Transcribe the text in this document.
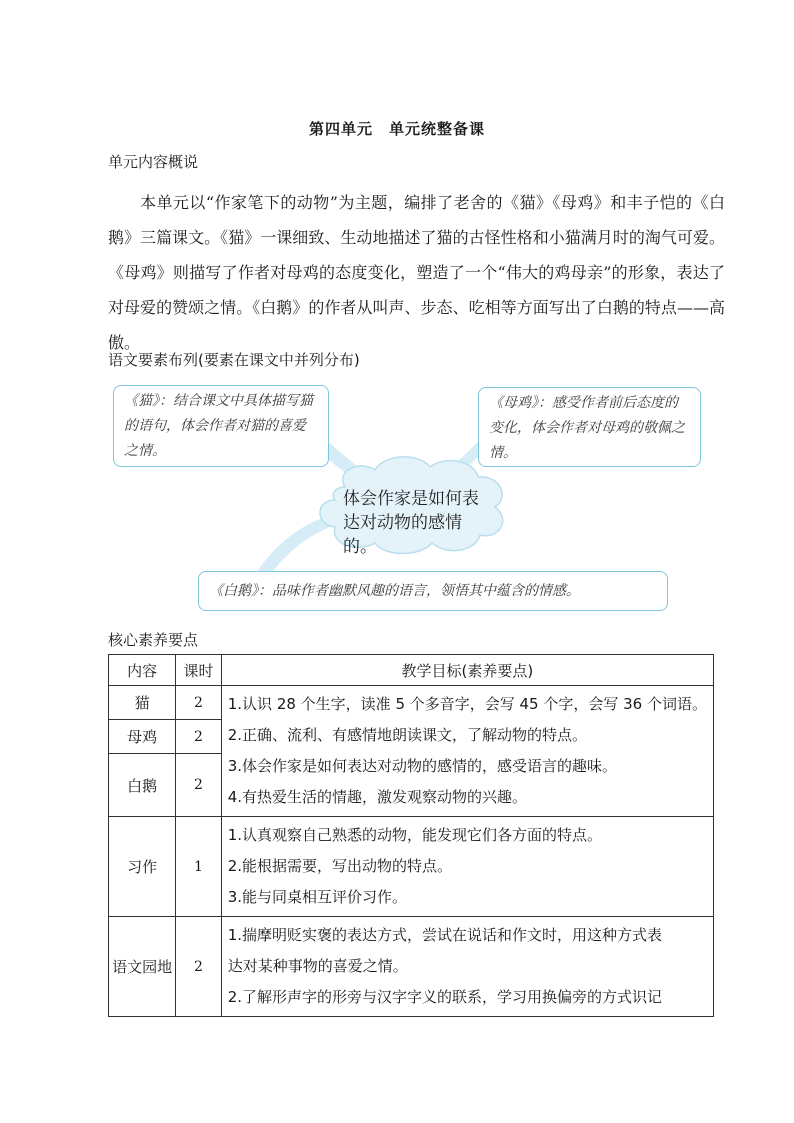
第四单元　单元统整备课
单元内容概说

本单元以“作家笔下的动物”为主题，编排了老舍的《猫》《母鸡》和丰子恺的《白鹅》三篇课文。《猫》一课细致、生动地描述了猫的古怪性格和小猫满月时的淘气可爱。《母鸡》则描写了作者对母鸡的态度变化，塑造了一个“伟大的鸡母亲”的形象，表达了对母爱的赞颂之情。《白鹅》的作者从叫声、步态、吃相等方面写出了白鹅的特点——高傲。

语文要素布列(要素在课文中并列分布)
《猫》：结合课文中具体描写猫的语句，体会作者对猫的喜爱之情。
《母鸡》：感受作者前后态度的变化，体会作者对母鸡的敬佩之情。
《白鹅》：品味作者幽默风趣的语言，领悟其中蕴含的情感。
体会作家是如何表达对动物的感情的。
核心素养要点
内容	课时	教学目标(素养要点)
猫	2	1.认识 28 个生字，读准 5 个多音字，会写 45 个字，会写 36 个词语。
2.正确、流利、有感情地朗读课文，了解动物的特点。
3.体会作家是如何表达对动物的感情的，感受语言的趣味。
4.有热爱生活的情趣，激发观察动物的兴趣。

母鸡	2	
白鹅	2	
习作	1	1.认真观察自己熟悉的动物，能发现它们各方面的特点。
2.能根据需要，写出动物的特点。
3.能与同桌相互评价习作。

语文园地	2	1.揣摩明贬实褒的表达方式，尝试在说话和作文时，用这种方式表
达对某种事物的喜爱之情。
2.了解形声字的形旁与汉字字义的联系，学习用换偏旁的方式识记
